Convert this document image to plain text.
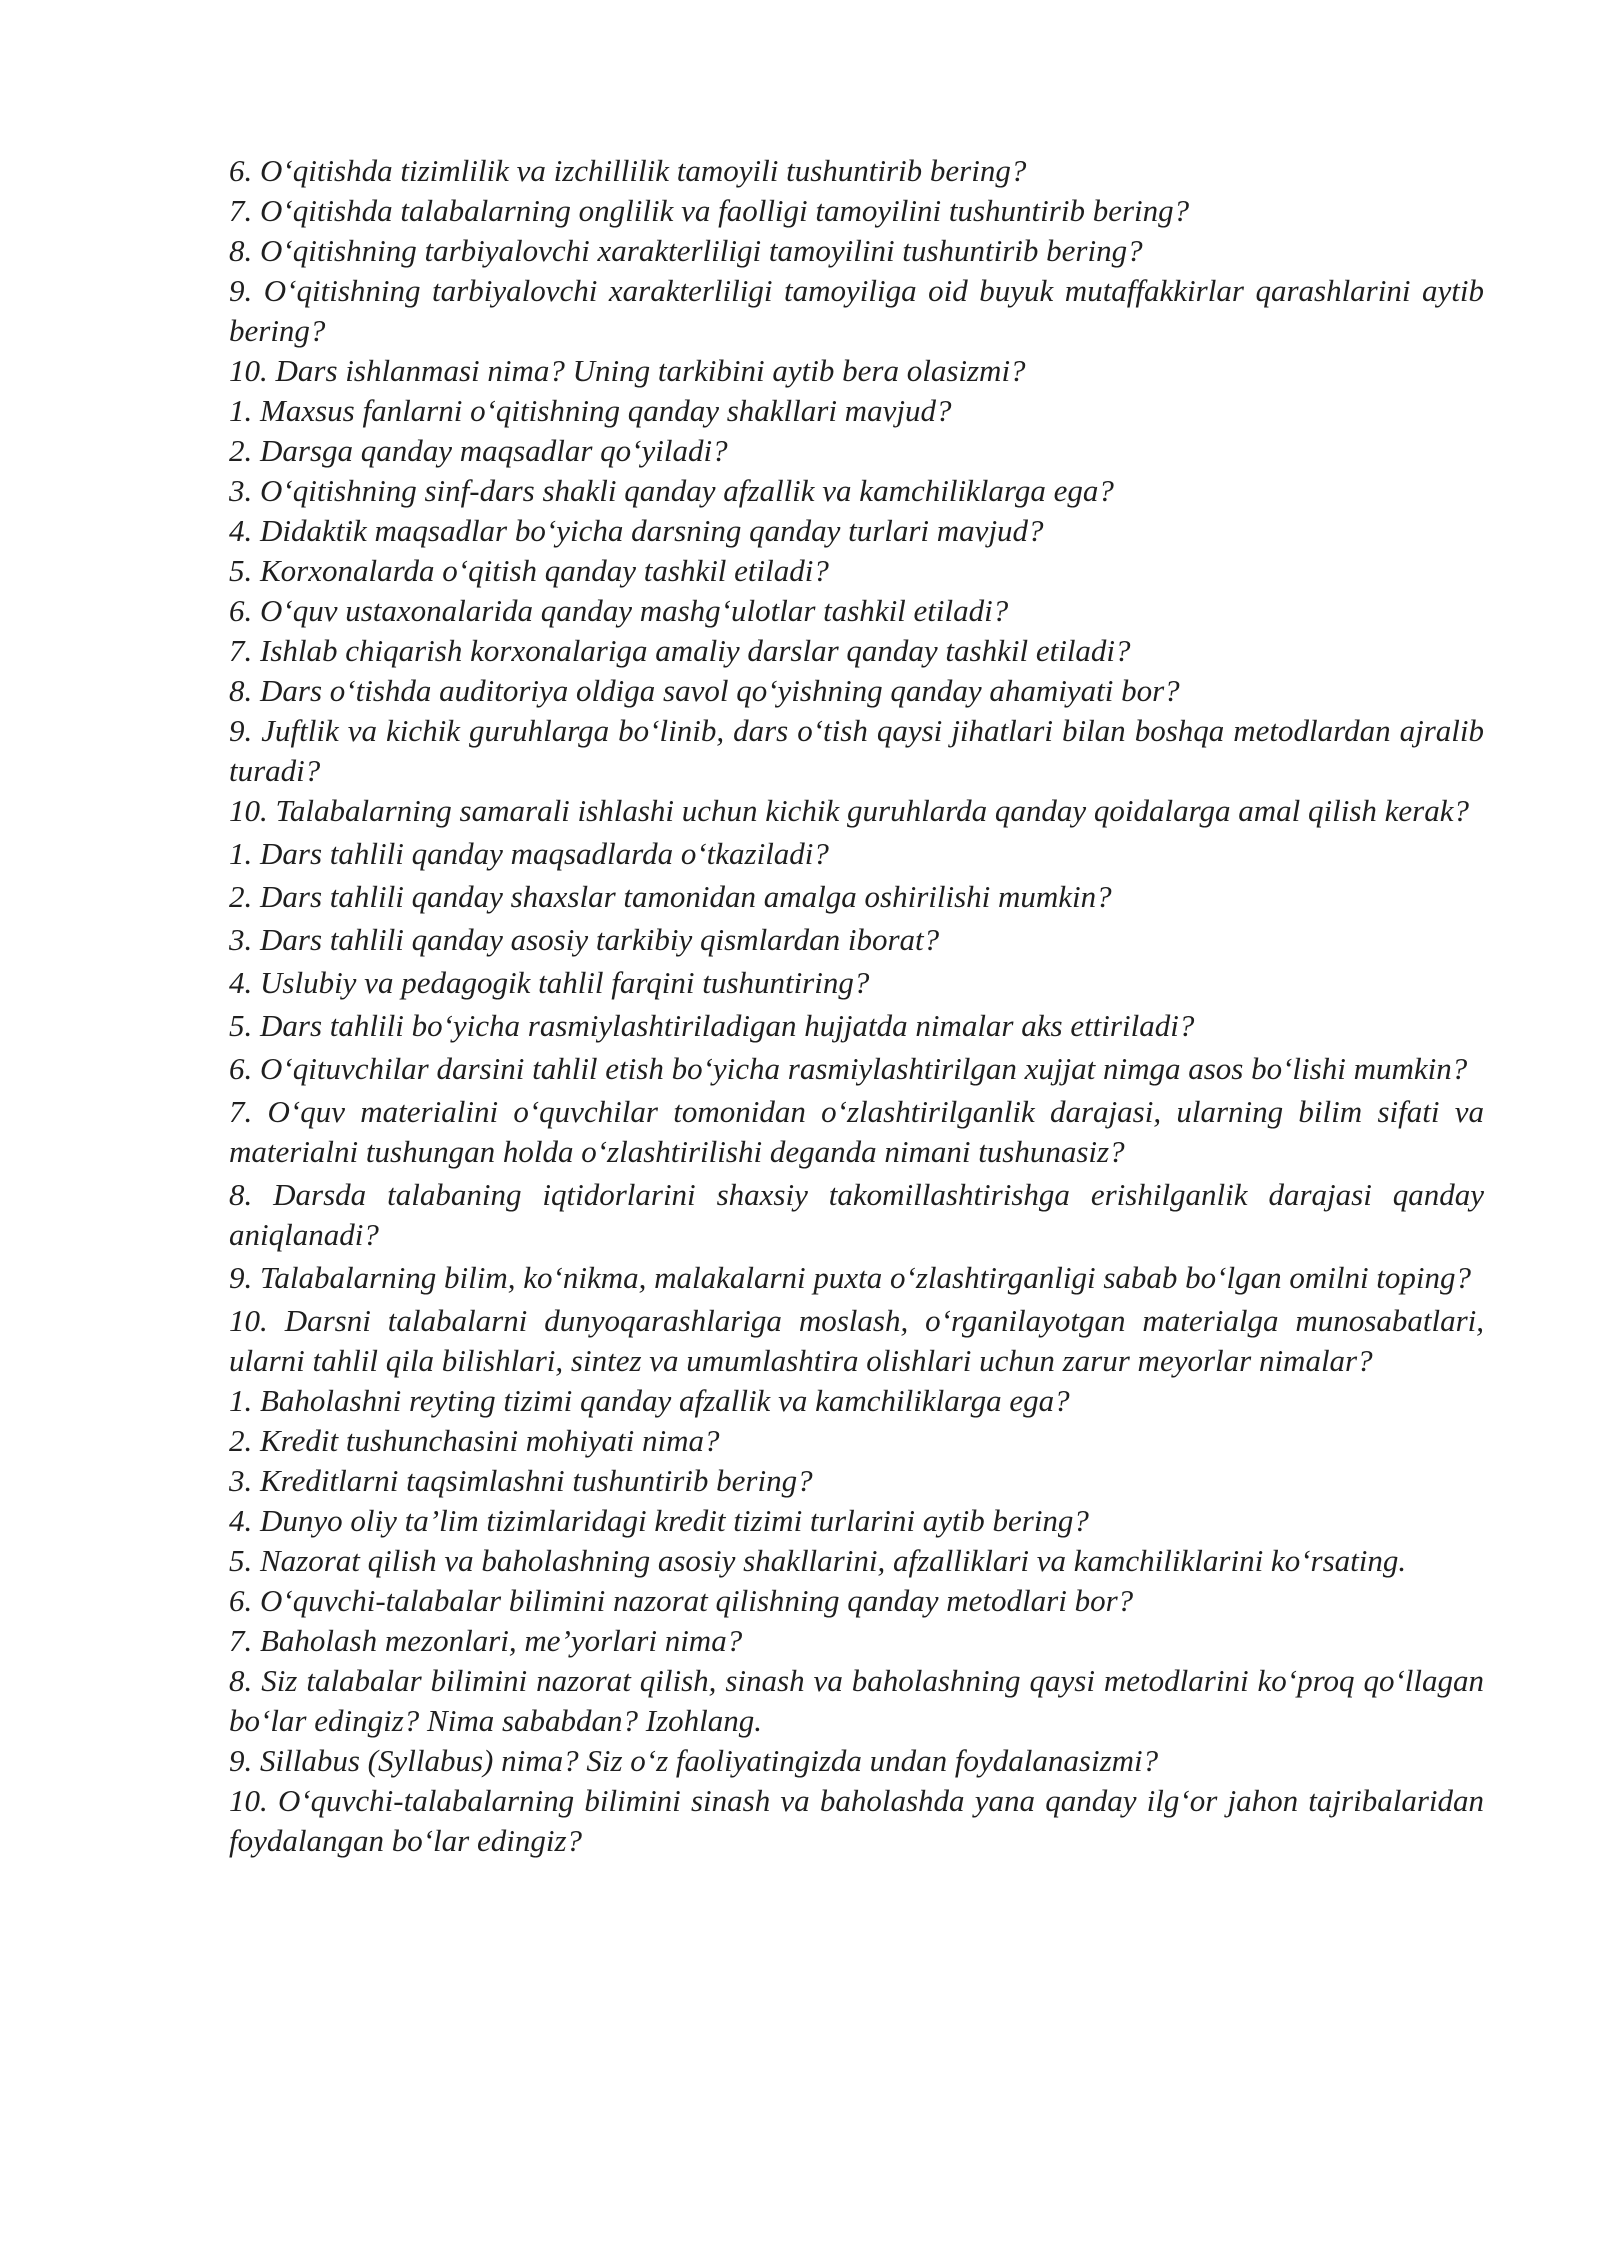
6. O‘qitishda tizimlilik va izchillilik tamoyili tushuntirib bering?

7. O‘qitishda talabalarning onglilik va faolligi tamoyilini tushuntirib bering?

8. O‘qitishning tarbiyalovchi xarakterliligi tamoyilini tushuntirib bering?

9. O‘qitishning tarbiyalovchi xarakterliligi tamoyiliga oid buyuk mutaffakkirlar qarashlarini aytib bering?

10. Dars ishlanmasi nima? Uning tarkibini aytib bera olasizmi?

1. Maxsus fanlarni o‘qitishning qanday shakllari mavjud?

2. Darsga qanday maqsadlar qo‘yiladi?

3. O‘qitishning sinf-dars shakli qanday afzallik va kamchiliklarga ega?

4. Didaktik maqsadlar bo‘yicha darsning qanday turlari mavjud?

5. Korxonalarda o‘qitish qanday tashkil etiladi?

6. O‘quv ustaxonalarida qanday mashg‘ulotlar tashkil etiladi?

7. Ishlab chiqarish korxonalariga amaliy darslar qanday tashkil etiladi?

8. Dars o‘tishda auditoriya oldiga savol qo‘yishning qanday ahamiyati bor?

9. Juftlik va kichik guruhlarga bo‘linib, dars o‘tish qaysi jihatlari bilan boshqa metodlardan ajralib turadi?

10. Talabalarning samarali ishlashi uchun kichik guruhlarda qanday qoidalarga amal qilish kerak?

1. Dars tahlili qanday maqsadlarda o‘tkaziladi?

2. Dars tahlili qanday shaxslar tamonidan amalga oshirilishi mumkin?

3. Dars tahlili qanday asosiy tarkibiy qismlardan iborat?

4. Uslubiy va pedagogik tahlil farqini tushuntiring?

5. Dars tahlili bo‘yicha rasmiylashtiriladigan hujjatda nimalar aks ettiriladi?

6. O‘qituvchilar darsini tahlil etish bo‘yicha rasmiylashtirilgan xujjat nimga asos bo‘lishi mumkin?

7. O‘quv materialini o‘quvchilar tomonidan o‘zlashtirilganlik darajasi, ularning bilim sifati va materialni tushungan holda o‘zlashtirilishi deganda nimani tushunasiz?

8. Darsda talabaning iqtidorlarini shaxsiy takomillashtirishga erishilganlik darajasi qanday aniqlanadi?

9. Talabalarning bilim, ko‘nikma, malakalarni puxta o‘zlashtirganligi sabab bo‘lgan omilni toping?

10. Darsni talabalarni dunyoqarashlariga moslash, o‘rganilayotgan materialga munosabatlari, ularni tahlil qila bilishlari, sintez va umumlashtira olishlari uchun zarur meyorlar nimalar?

1. Baholashni reyting tizimi qanday afzallik va kamchiliklarga ega?

2. Kredit tushunchasini mohiyati nima?

3. Kreditlarni taqsimlashni tushuntirib bering?

4. Dunyo oliy ta’lim tizimlaridagi kredit tizimi turlarini aytib bering?

5. Nazorat qilish va baholashning asosiy shakllarini, afzalliklari va kamchiliklarini ko‘rsating.

6. O‘quvchi-talabalar bilimini nazorat qilishning qanday metodlari bor?

7. Baholash mezonlari, me’yorlari nima?

8. Siz talabalar bilimini nazorat qilish, sinash va baholashning qaysi metodlarini ko‘proq qo‘llagan bo‘lar edingiz? Nima sababdan? Izohlang.

9. Sillabus (Syllabus) nima? Siz o‘z faoliyatingizda undan foydalanasizmi?

10. O‘quvchi-talabalarning bilimini sinash va baholashda yana qanday ilg‘or jahon tajribalaridan foydalangan bo‘lar edingiz?
